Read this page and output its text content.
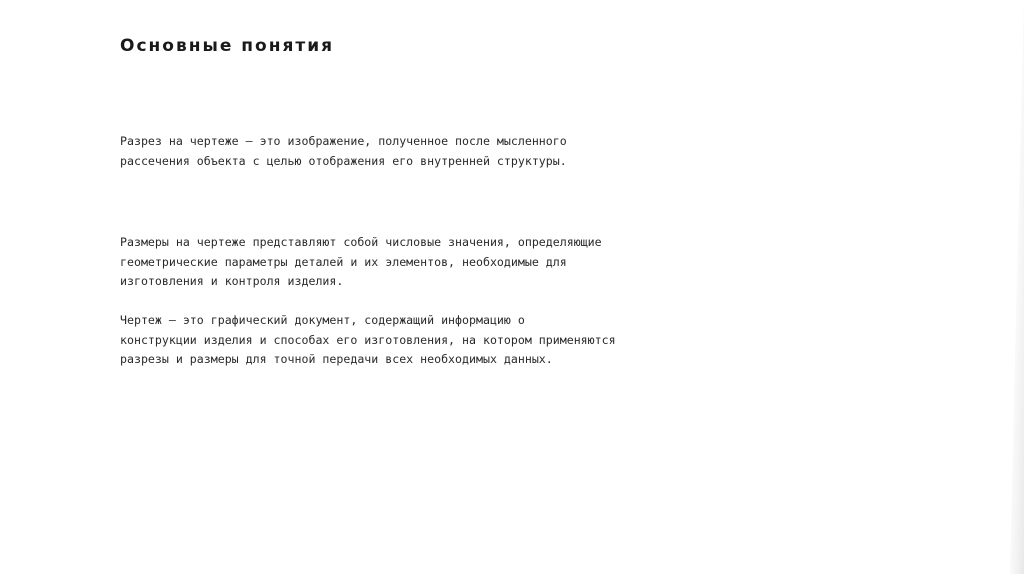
Основные понятия

Разрез на чертеже — это изображение, полученное после мысленного
рассечения объекта с целью отображения его внутренней структуры.

Размеры на чертеже представляют собой числовые значения, определяющие
геометрические параметры деталей и их элементов, необходимые для
изготовления и контроля изделия.

Чертеж — это графический документ, содержащий информацию о
конструкции изделия и способах его изготовления, на котором применяются
разрезы и размеры для точной передачи всех необходимых данных.
